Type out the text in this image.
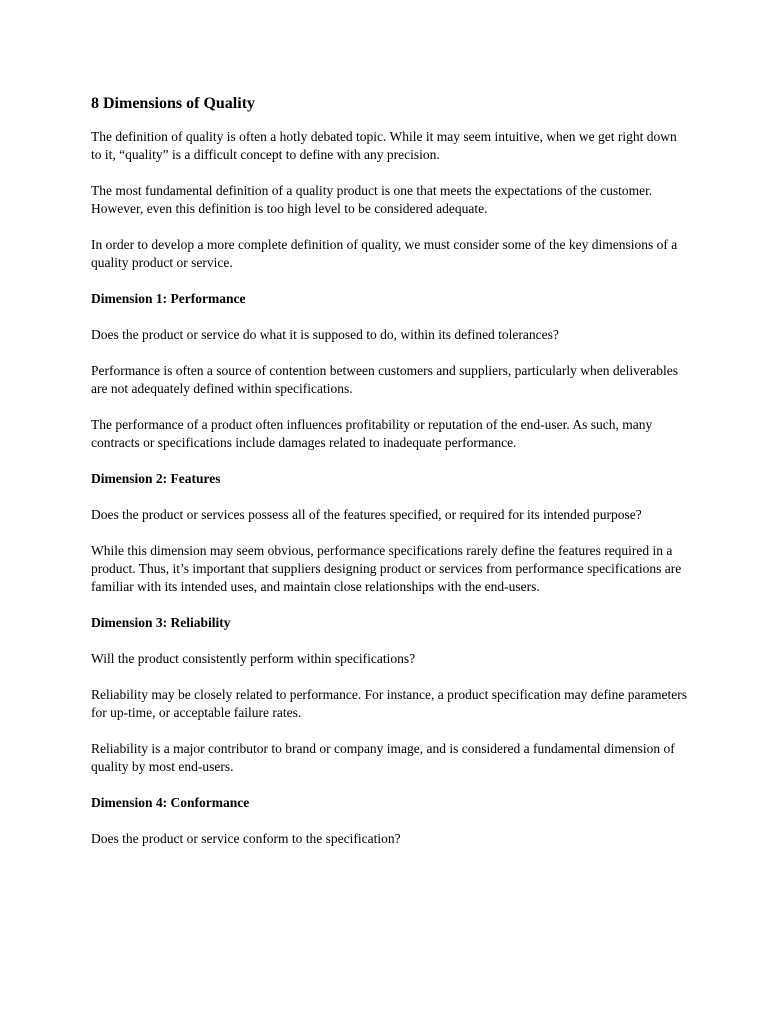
8 Dimensions of Quality

The definition of quality is often a hotly debated topic. While it may seem intuitive, when we get right down to it, “quality” is a difficult concept to define with any precision.

The most fundamental definition of a quality product is one that meets the expectations of the customer. However, even this definition is too high level to be considered adequate.

In order to develop a more complete definition of quality, we must consider some of the key dimensions of a quality product or service.

Dimension 1: Performance

Does the product or service do what it is supposed to do, within its defined tolerances?

Performance is often a source of contention between customers and suppliers, particularly when deliverables are not adequately defined within specifications.

The performance of a product often influences profitability or reputation of the end-user. As such, many contracts or specifications include damages related to inadequate performance.

Dimension 2: Features

Does the product or services possess all of the features specified, or required for its intended purpose?

While this dimension may seem obvious, performance specifications rarely define the features required in a product. Thus, it’s important that suppliers designing product or services from performance specifications are familiar with its intended uses, and maintain close relationships with the end-users.

Dimension 3: Reliability

Will the product consistently perform within specifications?

Reliability may be closely related to performance. For instance, a product specification may define parameters for up-time, or acceptable failure rates.

Reliability is a major contributor to brand or company image, and is considered a fundamental dimension of quality by most end-users.

Dimension 4: Conformance

Does the product or service conform to the specification?
